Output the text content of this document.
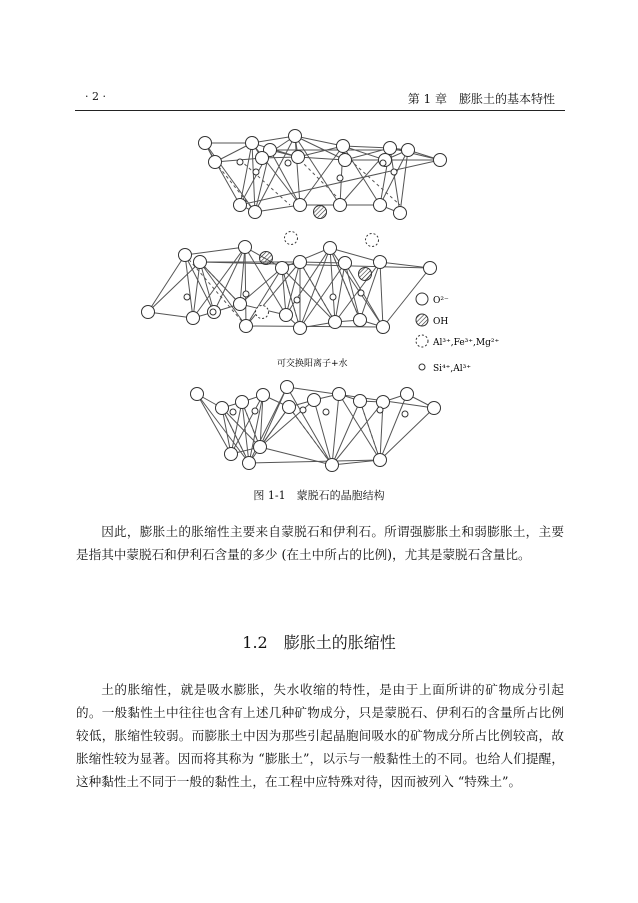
· 2 ·	第 1 章　膨胀土的基本特性
可交换阳离子+水
O²⁻
OH
Al³⁺,Fe³⁺,Mg²⁺
Si⁴⁺,Al³⁺
图 1-1　蒙脱石的晶胞结构

因此，膨胀土的胀缩性主要来自蒙脱石和伊利石。所谓强膨胀土和弱膨胀土，主要是指其中蒙脱石和伊利石含量的多少 (在土中所占的比例)，尤其是蒙脱石含量比。

1.2 膨胀土的胀缩性

土的胀缩性，就是吸水膨胀，失水收缩的特性，是由于上面所讲的矿物成分引起的。一般黏性土中往往也含有上述几种矿物成分，只是蒙脱石、伊利石的含量所占比例较低，胀缩性较弱。而膨胀土中因为那些引起晶胞间吸水的矿物成分所占比例较高，故胀缩性较为显著。因而将其称为 “膨胀土”，以示与一般黏性土的不同。也给人们提醒，这种黏性土不同于一般的黏性土，在工程中应特殊对待，因而被列入 “特殊土”。
